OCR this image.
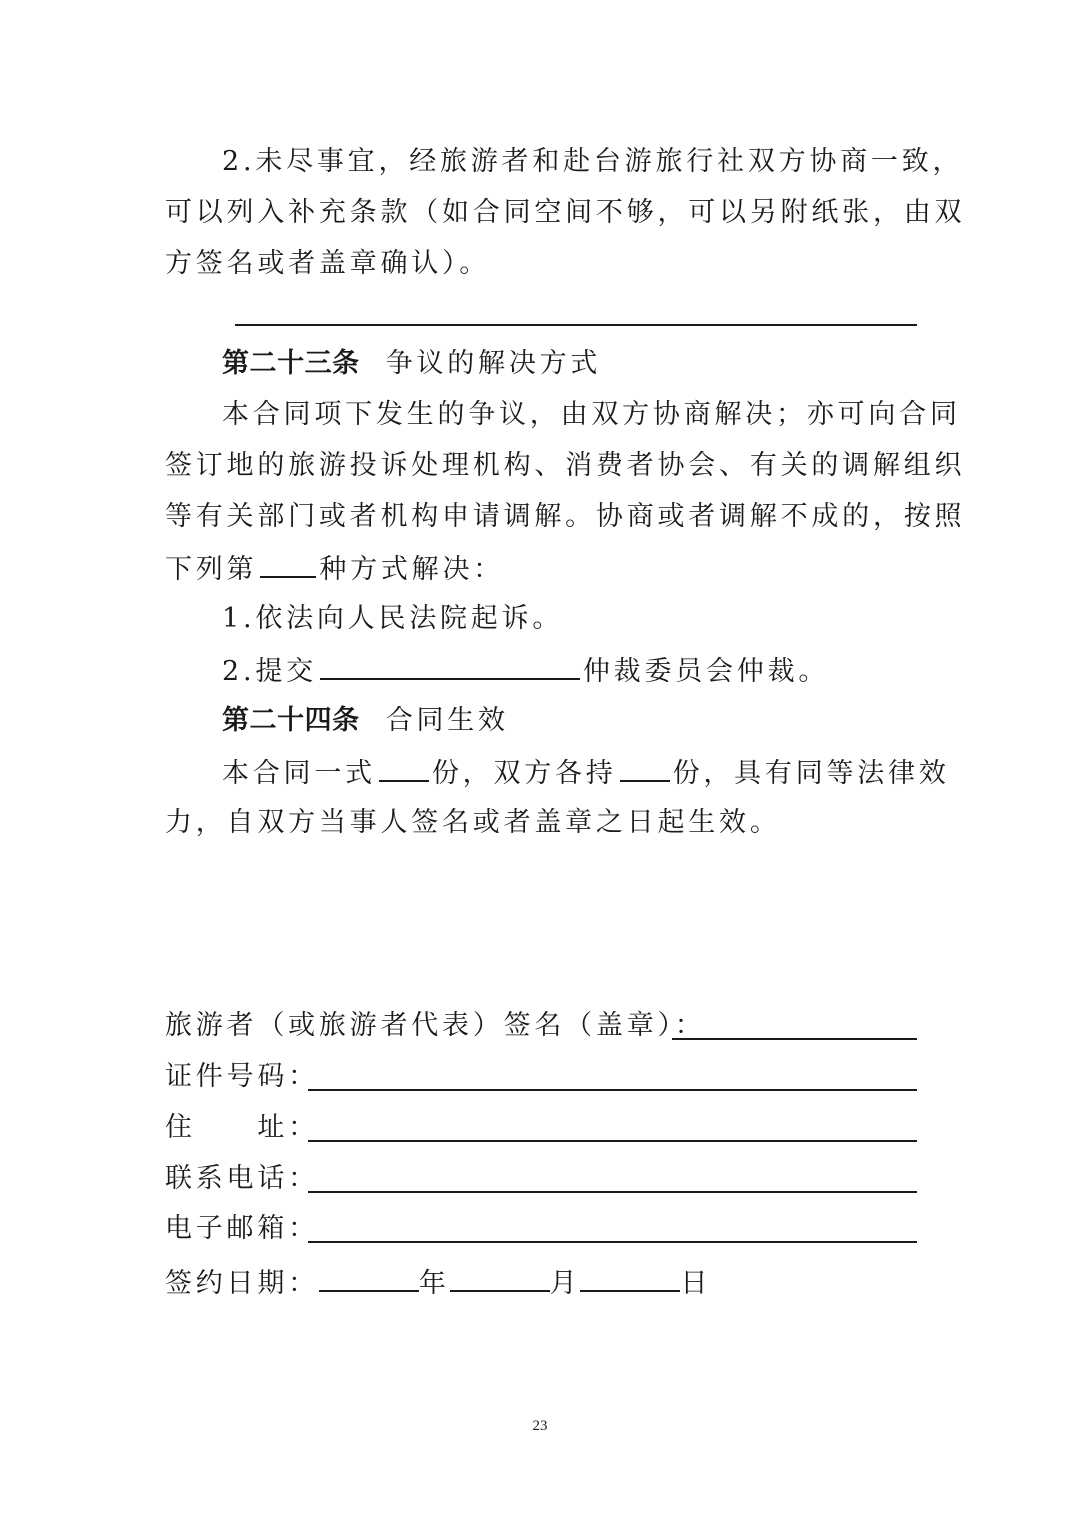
2.未尽事宜，经旅游者和赴台游旅行社双方协商一致，
可以列入补充条款（如合同空间不够，可以另附纸张，由双
方签名或者盖章确认）。
第二十三条 争议的解决方式
本合同项下发生的争议，由双方协商解决；亦可向合同
签订地的旅游投诉处理机构、消费者协会、有关的调解组织
等有关部门或者机构申请调解。协商或者调解不成的，按照
下列第 种方式解决：
1.依法向人民法院起诉。
2.提交	仲裁委员会仲裁。
第二十四条 合同生效
本合同一式 份，双方各持 份，具有同等法律效
力，自双方当事人签名或者盖章之日起生效。
旅游者（或旅游者代表）签名（盖章）：
证件号码：
住　　址：
联系电话：
电子邮箱：
签约日期：	年	月	日
23
